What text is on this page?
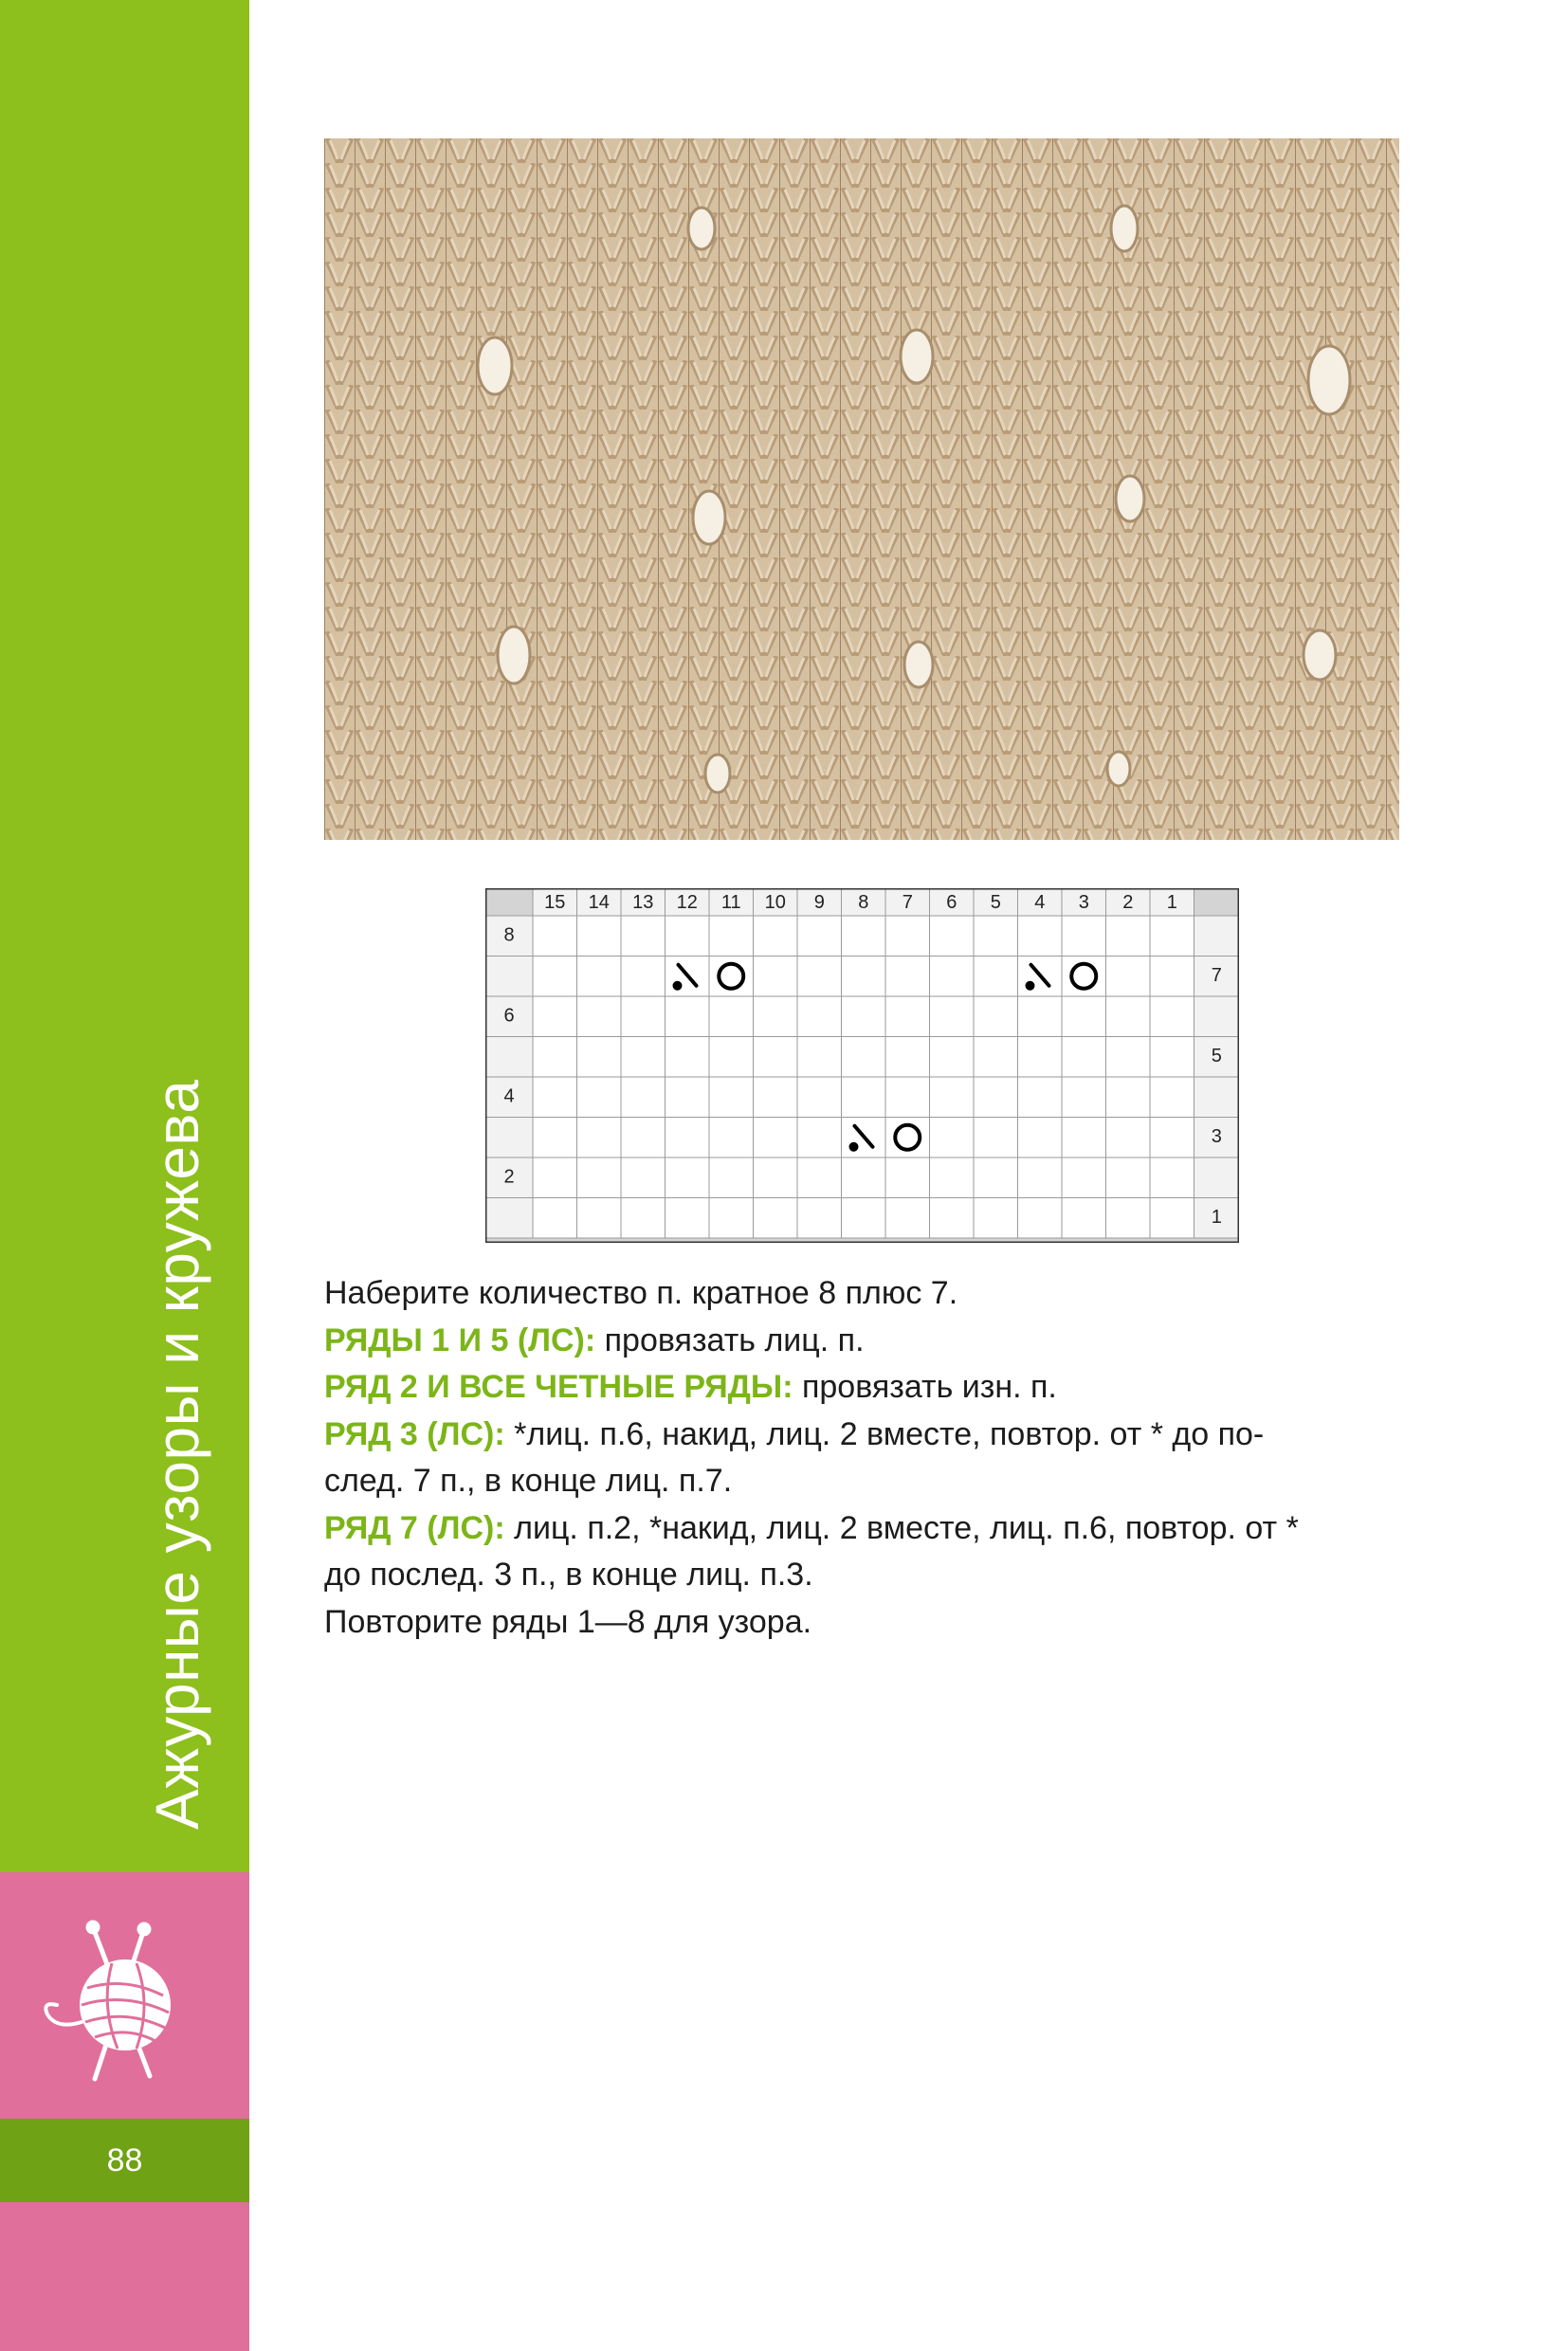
Ажурные узоры и кружева
88
15 14 13 12 11 10 9 8 7 6 5 4 3 2 1
8
6
4
2
7
5
3
1

Наберите количество п. кратное 8 плюс 7.

РЯДЫ 1 И 5 (ЛС): провязать лиц. п.

РЯД 2 И ВСЕ ЧЕТНЫЕ РЯДЫ: провязать изн. п.

РЯД 3 (ЛС): *лиц. п.6, накид, лиц. 2 вместе, повтор. от * до по-
след. 7 п., в конце лиц. п.7.

РЯД 7 (ЛС): лиц. п.2, *накид, лиц. 2 вместе, лиц. п.6, повтор. от *
до послед. 3 п., в конце лиц. п.3.

Повторите ряды 1—8 для узора.
